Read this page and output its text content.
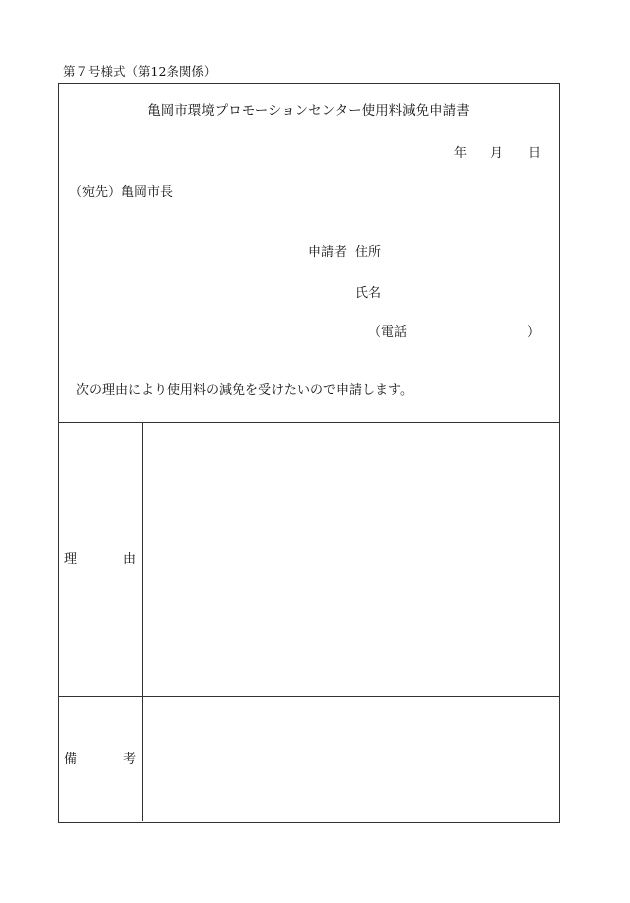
第７号様式（第12条関係）
亀岡市環境プロモーションセンター使用料減免申請書
年 月 日
（宛先）亀岡市長
申請者 住所
氏名
（電話	）
次の理由により使用料の減免を受けたいので申請します。
理	由
備	考
